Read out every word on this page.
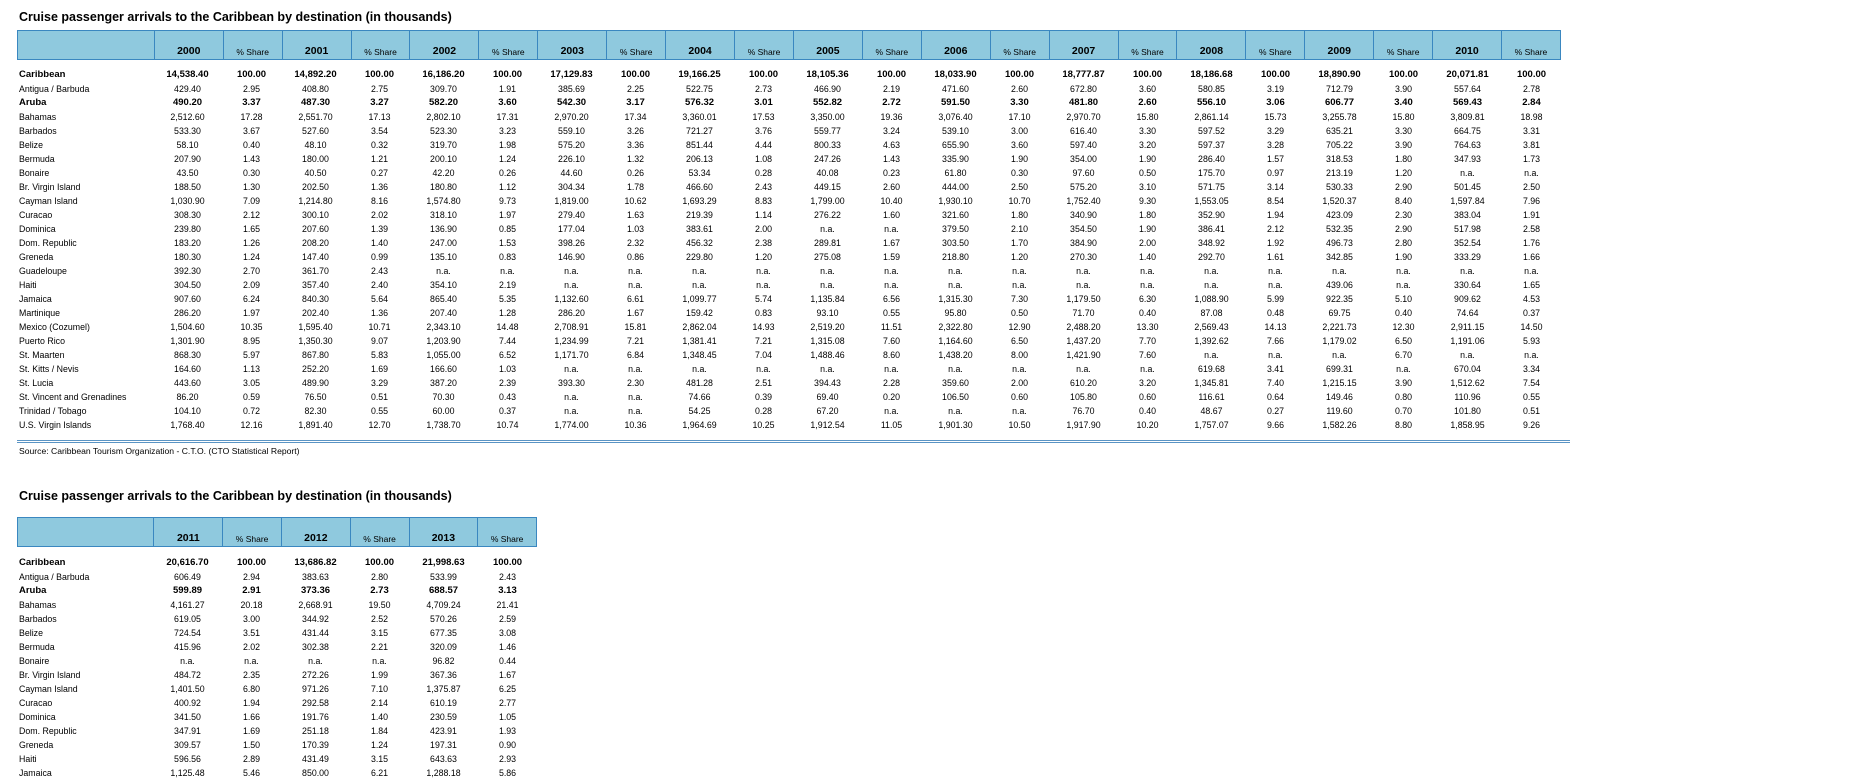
Cruise passenger arrivals to the Caribbean by destination (in thousands)
2000	% Share	2001	% Share	2002	% Share	2003	% Share	2004	% Share	2005	% Share	2006	% Share	2007	% Share	2008	% Share	2009	% Share	2010	% Share
Caribbean	14,538.40	100.00	14,892.20	100.00	16,186.20	100.00	17,129.83	100.00	19,166.25	100.00	18,105.36	100.00	18,033.90	100.00	18,777.87	100.00	18,186.68	100.00	18,890.90	100.00	20,071.81	100.00
Antigua / Barbuda	429.40	2.95	408.80	2.75	309.70	1.91	385.69	2.25	522.75	2.73	466.90	2.19	471.60	2.60	672.80	3.60	580.85	3.19	712.79	3.90	557.64	2.78
Aruba	490.20	3.37	487.30	3.27	582.20	3.60	542.30	3.17	576.32	3.01	552.82	2.72	591.50	3.30	481.80	2.60	556.10	3.06	606.77	3.40	569.43	2.84
Bahamas	2,512.60	17.28	2,551.70	17.13	2,802.10	17.31	2,970.20	17.34	3,360.01	17.53	3,350.00	19.36	3,076.40	17.10	2,970.70	15.80	2,861.14	15.73	3,255.78	15.80	3,809.81	18.98
Barbados	533.30	3.67	527.60	3.54	523.30	3.23	559.10	3.26	721.27	3.76	559.77	3.24	539.10	3.00	616.40	3.30	597.52	3.29	635.21	3.30	664.75	3.31
Belize	58.10	0.40	48.10	0.32	319.70	1.98	575.20	3.36	851.44	4.44	800.33	4.63	655.90	3.60	597.40	3.20	597.37	3.28	705.22	3.90	764.63	3.81
Bermuda	207.90	1.43	180.00	1.21	200.10	1.24	226.10	1.32	206.13	1.08	247.26	1.43	335.90	1.90	354.00	1.90	286.40	1.57	318.53	1.80	347.93	1.73
Bonaire	43.50	0.30	40.50	0.27	42.20	0.26	44.60	0.26	53.34	0.28	40.08	0.23	61.80	0.30	97.60	0.50	175.70	0.97	213.19	1.20	n.a.	n.a.
Br. Virgin Island	188.50	1.30	202.50	1.36	180.80	1.12	304.34	1.78	466.60	2.43	449.15	2.60	444.00	2.50	575.20	3.10	571.75	3.14	530.33	2.90	501.45	2.50
Cayman Island	1,030.90	7.09	1,214.80	8.16	1,574.80	9.73	1,819.00	10.62	1,693.29	8.83	1,799.00	10.40	1,930.10	10.70	1,752.40	9.30	1,553.05	8.54	1,520.37	8.40	1,597.84	7.96
Curacao	308.30	2.12	300.10	2.02	318.10	1.97	279.40	1.63	219.39	1.14	276.22	1.60	321.60	1.80	340.90	1.80	352.90	1.94	423.09	2.30	383.04	1.91
Dominica	239.80	1.65	207.60	1.39	136.90	0.85	177.04	1.03	383.61	2.00	n.a.	n.a.	379.50	2.10	354.50	1.90	386.41	2.12	532.35	2.90	517.98	2.58
Dom. Republic	183.20	1.26	208.20	1.40	247.00	1.53	398.26	2.32	456.32	2.38	289.81	1.67	303.50	1.70	384.90	2.00	348.92	1.92	496.73	2.80	352.54	1.76
Greneda	180.30	1.24	147.40	0.99	135.10	0.83	146.90	0.86	229.80	1.20	275.08	1.59	218.80	1.20	270.30	1.40	292.70	1.61	342.85	1.90	333.29	1.66
Guadeloupe	392.30	2.70	361.70	2.43	n.a.	n.a.	n.a.	n.a.	n.a.	n.a.	n.a.	n.a.	n.a.	n.a.	n.a.	n.a.	n.a.	n.a.	n.a.	n.a.	n.a.	n.a.
Haiti	304.50	2.09	357.40	2.40	354.10	2.19	n.a.	n.a.	n.a.	n.a.	n.a.	n.a.	n.a.	n.a.	n.a.	n.a.	n.a.	n.a.	439.06	n.a.	330.64	1.65
Jamaica	907.60	6.24	840.30	5.64	865.40	5.35	1,132.60	6.61	1,099.77	5.74	1,135.84	6.56	1,315.30	7.30	1,179.50	6.30	1,088.90	5.99	922.35	5.10	909.62	4.53
Martinique	286.20	1.97	202.40	1.36	207.40	1.28	286.20	1.67	159.42	0.83	93.10	0.55	95.80	0.50	71.70	0.40	87.08	0.48	69.75	0.40	74.64	0.37
Mexico (Cozumel)	1,504.60	10.35	1,595.40	10.71	2,343.10	14.48	2,708.91	15.81	2,862.04	14.93	2,519.20	11.51	2,322.80	12.90	2,488.20	13.30	2,569.43	14.13	2,221.73	12.30	2,911.15	14.50
Puerto Rico	1,301.90	8.95	1,350.30	9.07	1,203.90	7.44	1,234.99	7.21	1,381.41	7.21	1,315.08	7.60	1,164.60	6.50	1,437.20	7.70	1,392.62	7.66	1,179.02	6.50	1,191.06	5.93
St. Maarten	868.30	5.97	867.80	5.83	1,055.00	6.52	1,171.70	6.84	1,348.45	7.04	1,488.46	8.60	1,438.20	8.00	1,421.90	7.60	n.a.	n.a.	n.a.	6.70	n.a.	n.a.
St. Kitts / Nevis	164.60	1.13	252.20	1.69	166.60	1.03	n.a.	n.a.	n.a.	n.a.	n.a.	n.a.	n.a.	n.a.	n.a.	n.a.	619.68	3.41	699.31	n.a.	670.04	3.34
St. Lucia	443.60	3.05	489.90	3.29	387.20	2.39	393.30	2.30	481.28	2.51	394.43	2.28	359.60	2.00	610.20	3.20	1,345.81	7.40	1,215.15	3.90	1,512.62	7.54
St. Vincent and Grenadines	86.20	0.59	76.50	0.51	70.30	0.43	n.a.	n.a.	74.66	0.39	69.40	0.20	106.50	0.60	105.80	0.60	116.61	0.64	149.46	0.80	110.96	0.55
Trinidad / Tobago	104.10	0.72	82.30	0.55	60.00	0.37	n.a.	n.a.	54.25	0.28	67.20	n.a.	n.a.	n.a.	76.70	0.40	48.67	0.27	119.60	0.70	101.80	0.51
U.S. Virgin Islands	1,768.40	12.16	1,891.40	12.70	1,738.70	10.74	1,774.00	10.36	1,964.69	10.25	1,912.54	11.05	1,901.30	10.50	1,917.90	10.20	1,757.07	9.66	1,582.26	8.80	1,858.95	9.26
Source: Caribbean Tourism Organization - C.T.O. (CTO Statistical Report)
Cruise passenger arrivals to the Caribbean by destination (in thousands)
2011	% Share	2012	% Share	2013	% Share
Caribbean	20,616.70	100.00	13,686.82	100.00	21,998.63	100.00
Antigua / Barbuda	606.49	2.94	383.63	2.80	533.99	2.43
Aruba	599.89	2.91	373.36	2.73	688.57	3.13
Bahamas	4,161.27	20.18	2,668.91	19.50	4,709.24	21.41
Barbados	619.05	3.00	344.92	2.52	570.26	2.59
Belize	724.54	3.51	431.44	3.15	677.35	3.08
Bermuda	415.96	2.02	302.38	2.21	320.09	1.46
Bonaire	n.a.	n.a.	n.a.	n.a.	96.82	0.44
Br. Virgin Island	484.72	2.35	272.26	1.99	367.36	1.67
Cayman Island	1,401.50	6.80	971.26	7.10	1,375.87	6.25
Curacao	400.92	1.94	292.58	2.14	610.19	2.77
Dominica	341.50	1.66	191.76	1.40	230.59	1.05
Dom. Republic	347.91	1.69	251.18	1.84	423.91	1.93
Greneda	309.57	1.50	170.39	1.24	197.31	0.90
Haiti	596.56	2.89	431.49	3.15	643.63	2.93
Jamaica	1,125.48	5.46	850.00	6.21	1,288.18	5.86
